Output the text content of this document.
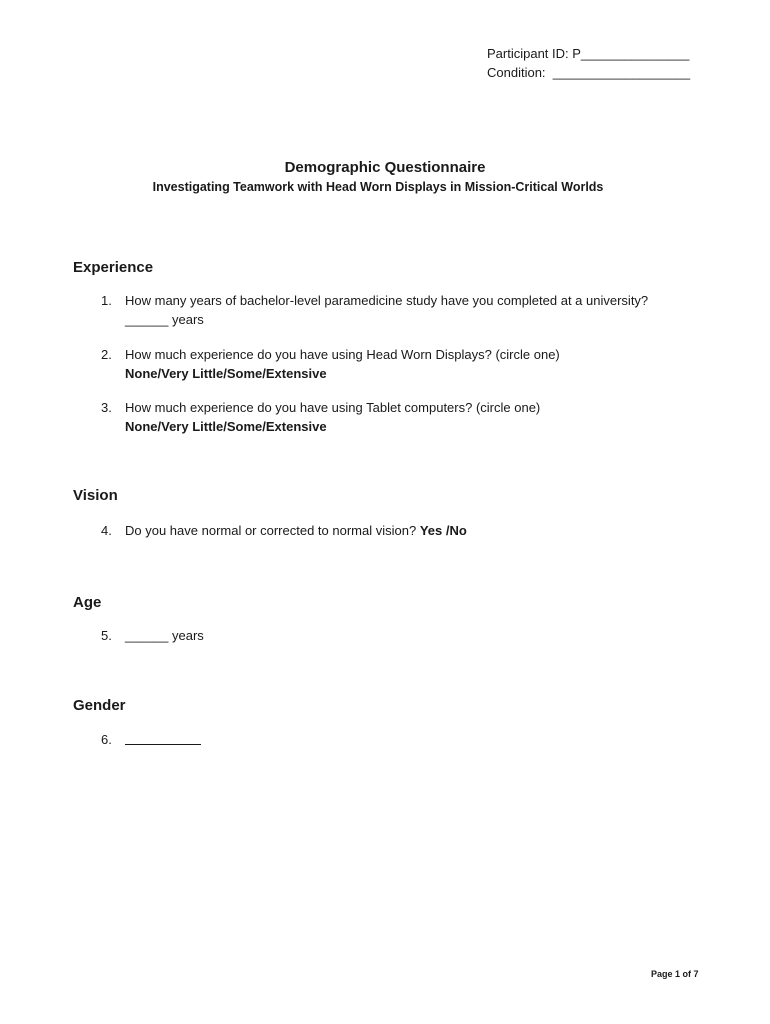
Participant ID: P_______________
Condition:  ___________________
Demographic Questionnaire
Investigating Teamwork with Head Worn Displays in Mission-Critical Worlds
Experience
1. How many years of bachelor-level paramedicine study have you completed at a university? ______ years
2. How much experience do you have using Head Worn Displays? (circle one)
None/Very Little/Some/Extensive
3. How much experience do you have using Tablet computers? (circle one)
None/Very Little/Some/Extensive
Vision
4. Do you have normal or corrected to normal vision? Yes /No
Age
5. ______ years
Gender
6.
Page 1 of 7
